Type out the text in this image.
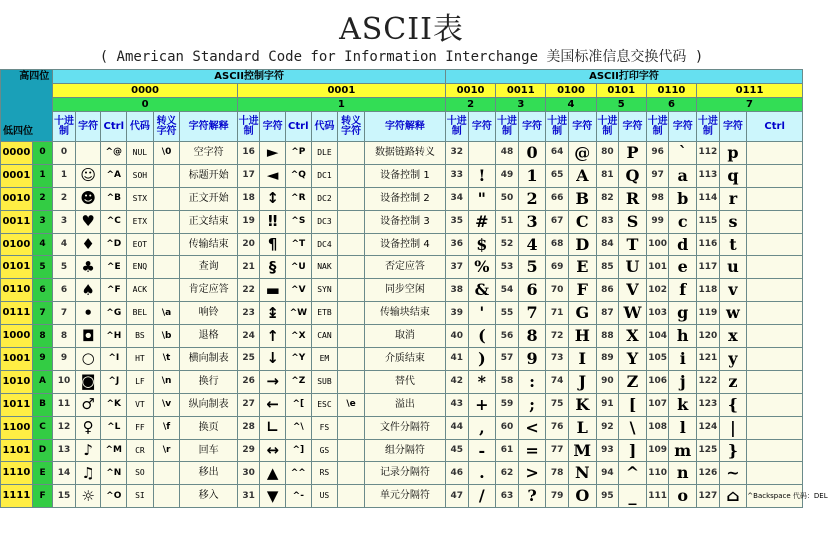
ASCII表
( American Standard Code for Information Interchange 美国标准信息交换代码 )
高四位
低四位		ASCII控制字符												ASCII打印字符												
		0000						0001						0010		0011		0100		0101		0110		0111		
		0						1						2		3		4		5		6		7		
		十进制	字符	Ctrl	代码	转义字符	字符解释	十进制	字符	Ctrl	代码	转义字符	字符解释	十进制	字符	十进制	字符	十进制	字符	十进制	字符	十进制	字符	十进制	字符	Ctrl
0000	0	0		^@	NUL	\0	空字符	16	►	^P	DLE		数据链路转义	32		48	0	64	@	80	P	96	`	112	p	
0001	1	1	☺	^A	SOH		标题开始	17	◄	^Q	DC1		设备控制 1	33	!	49	1	65	A	81	Q	97	a	113	q	
0010	2	2	☻	^B	STX		正文开始	18	↕	^R	DC2		设备控制 2	34	"	50	2	66	B	82	R	98	b	114	r	
0011	3	3	♥	^C	ETX		正文结束	19	‼	^S	DC3		设备控制 3	35	#	51	3	67	C	83	S	99	c	115	s	
0100	4	4	♦	^D	EOT		传输结束	20	¶	^T	DC4		设备控制 4	36	$	52	4	68	D	84	T	100	d	116	t	
0101	5	5	♣	^E	ENQ		查询	21	§	^U	NAK		否定应答	37	%	53	5	69	E	85	U	101	e	117	u	
0110	6	6	♠	^F	ACK		肯定应答	22	▬	^V	SYN		同步空闲	38	&	54	6	70	F	86	V	102	f	118	v	
0111	7	7	•	^G	BEL	\a	响铃	23	↨	^W	ETB		传输块结束	39	'	55	7	71	G	87	W	103	g	119	w	
1000	8	8	◘	^H	BS	\b	退格	24	↑	^X	CAN		取消	40	(	56	8	72	H	88	X	104	h	120	x	
1001	9	9	○	^I	HT	\t	横向制表	25	↓	^Y	EM		介质结束	41	)	57	9	73	I	89	Y	105	i	121	y	
1010	A	10	◙	^J	LF	\n	换行	26	→	^Z	SUB		替代	42	*	58	:	74	J	90	Z	106	j	122	z	
1011	B	11	♂	^K	VT	\v	纵向制表	27	←	^[	ESC	\e	溢出	43	+	59	;	75	K	91	[	107	k	123	{	
1100	C	12	♀	^L	FF	\f	换页	28	∟	^\	FS		文件分隔符	44	,	60	<	76	L	92	\	108	l	124	|	
1101	D	13	♪	^M	CR	\r	回车	29	↔	^]	GS		组分隔符	45	-	61	=	77	M	93	]	109	m	125	}	
1110	E	14	♫	^N	SO		移出	30	▲	^^	RS		记录分隔符	46	.	62	>	78	N	94	^	110	n	126	~	
1111	F	15	☼	^O	SI		移入	31	▼	^-	US		单元分隔符	47	/	63	?	79	O	95	_	111	o	127	⌂	^Backspace 代码：DEL
